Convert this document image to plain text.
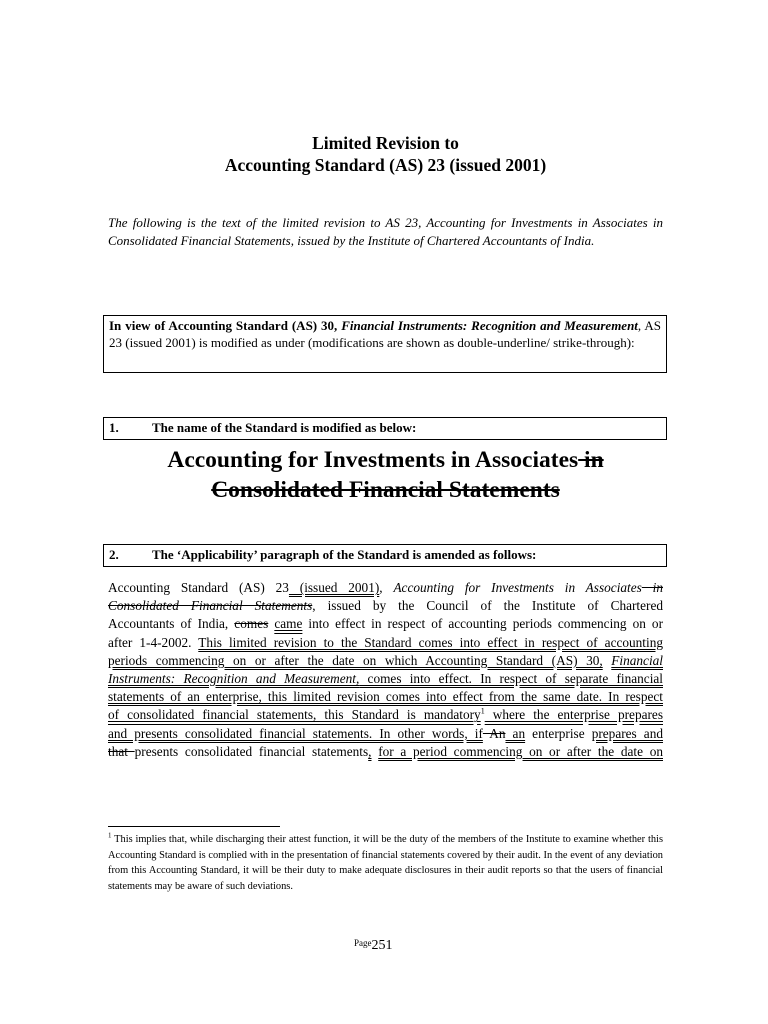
Limited Revision to
Accounting Standard (AS) 23 (issued 2001)
The following is the text of the limited revision to AS 23, Accounting for Investments in Associates in Consolidated Financial Statements, issued by the Institute of Chartered Accountants of India.
In view of Accounting Standard (AS) 30, Financial Instruments: Recognition and Measurement, AS 23 (issued 2001) is modified as under (modifications are shown as double-underline/ strike-through):
1.	The name of the Standard is modified as below:
Accounting for Investments in Associates in
Consolidated Financial Statements
2.	The ‘Applicability’ paragraph of the Standard is amended as follows:
Accounting Standard (AS) 23 (issued 2001), Accounting for Investments in Associates in
Consolidated Financial Statements, issued by the Council of the Institute of Chartered
Accountants of India, comes came into effect in respect of accounting periods commencing on or
after 1-4-2002. This limited revision to the Standard comes into effect in respect of accounting
periods commencing on or after the date on which Accounting Standard (AS) 30, Financial
Instruments: Recognition and Measurement, comes into effect. In respect of separate financial
statements of an enterprise, this limited revision comes into effect from the same date. In respect
of consolidated financial statements, this Standard is mandatory$^1$ where the enterprise prepares
and presents consolidated financial statements. In other words, if An an enterprise prepares and
that presents consolidated financial statements, for a period commencing on or after the date on
$^1$ This implies that, while discharging their attest function, it will be the duty of the members of the Institute to examine whether this Accounting Standard is complied with in the presentation of financial statements covered by their audit. In the event of any deviation from this Accounting Standard, it will be their duty to make adequate disclosures in their audit reports so that the users of financial statements may be aware of such deviations.
$^{Page}$251
